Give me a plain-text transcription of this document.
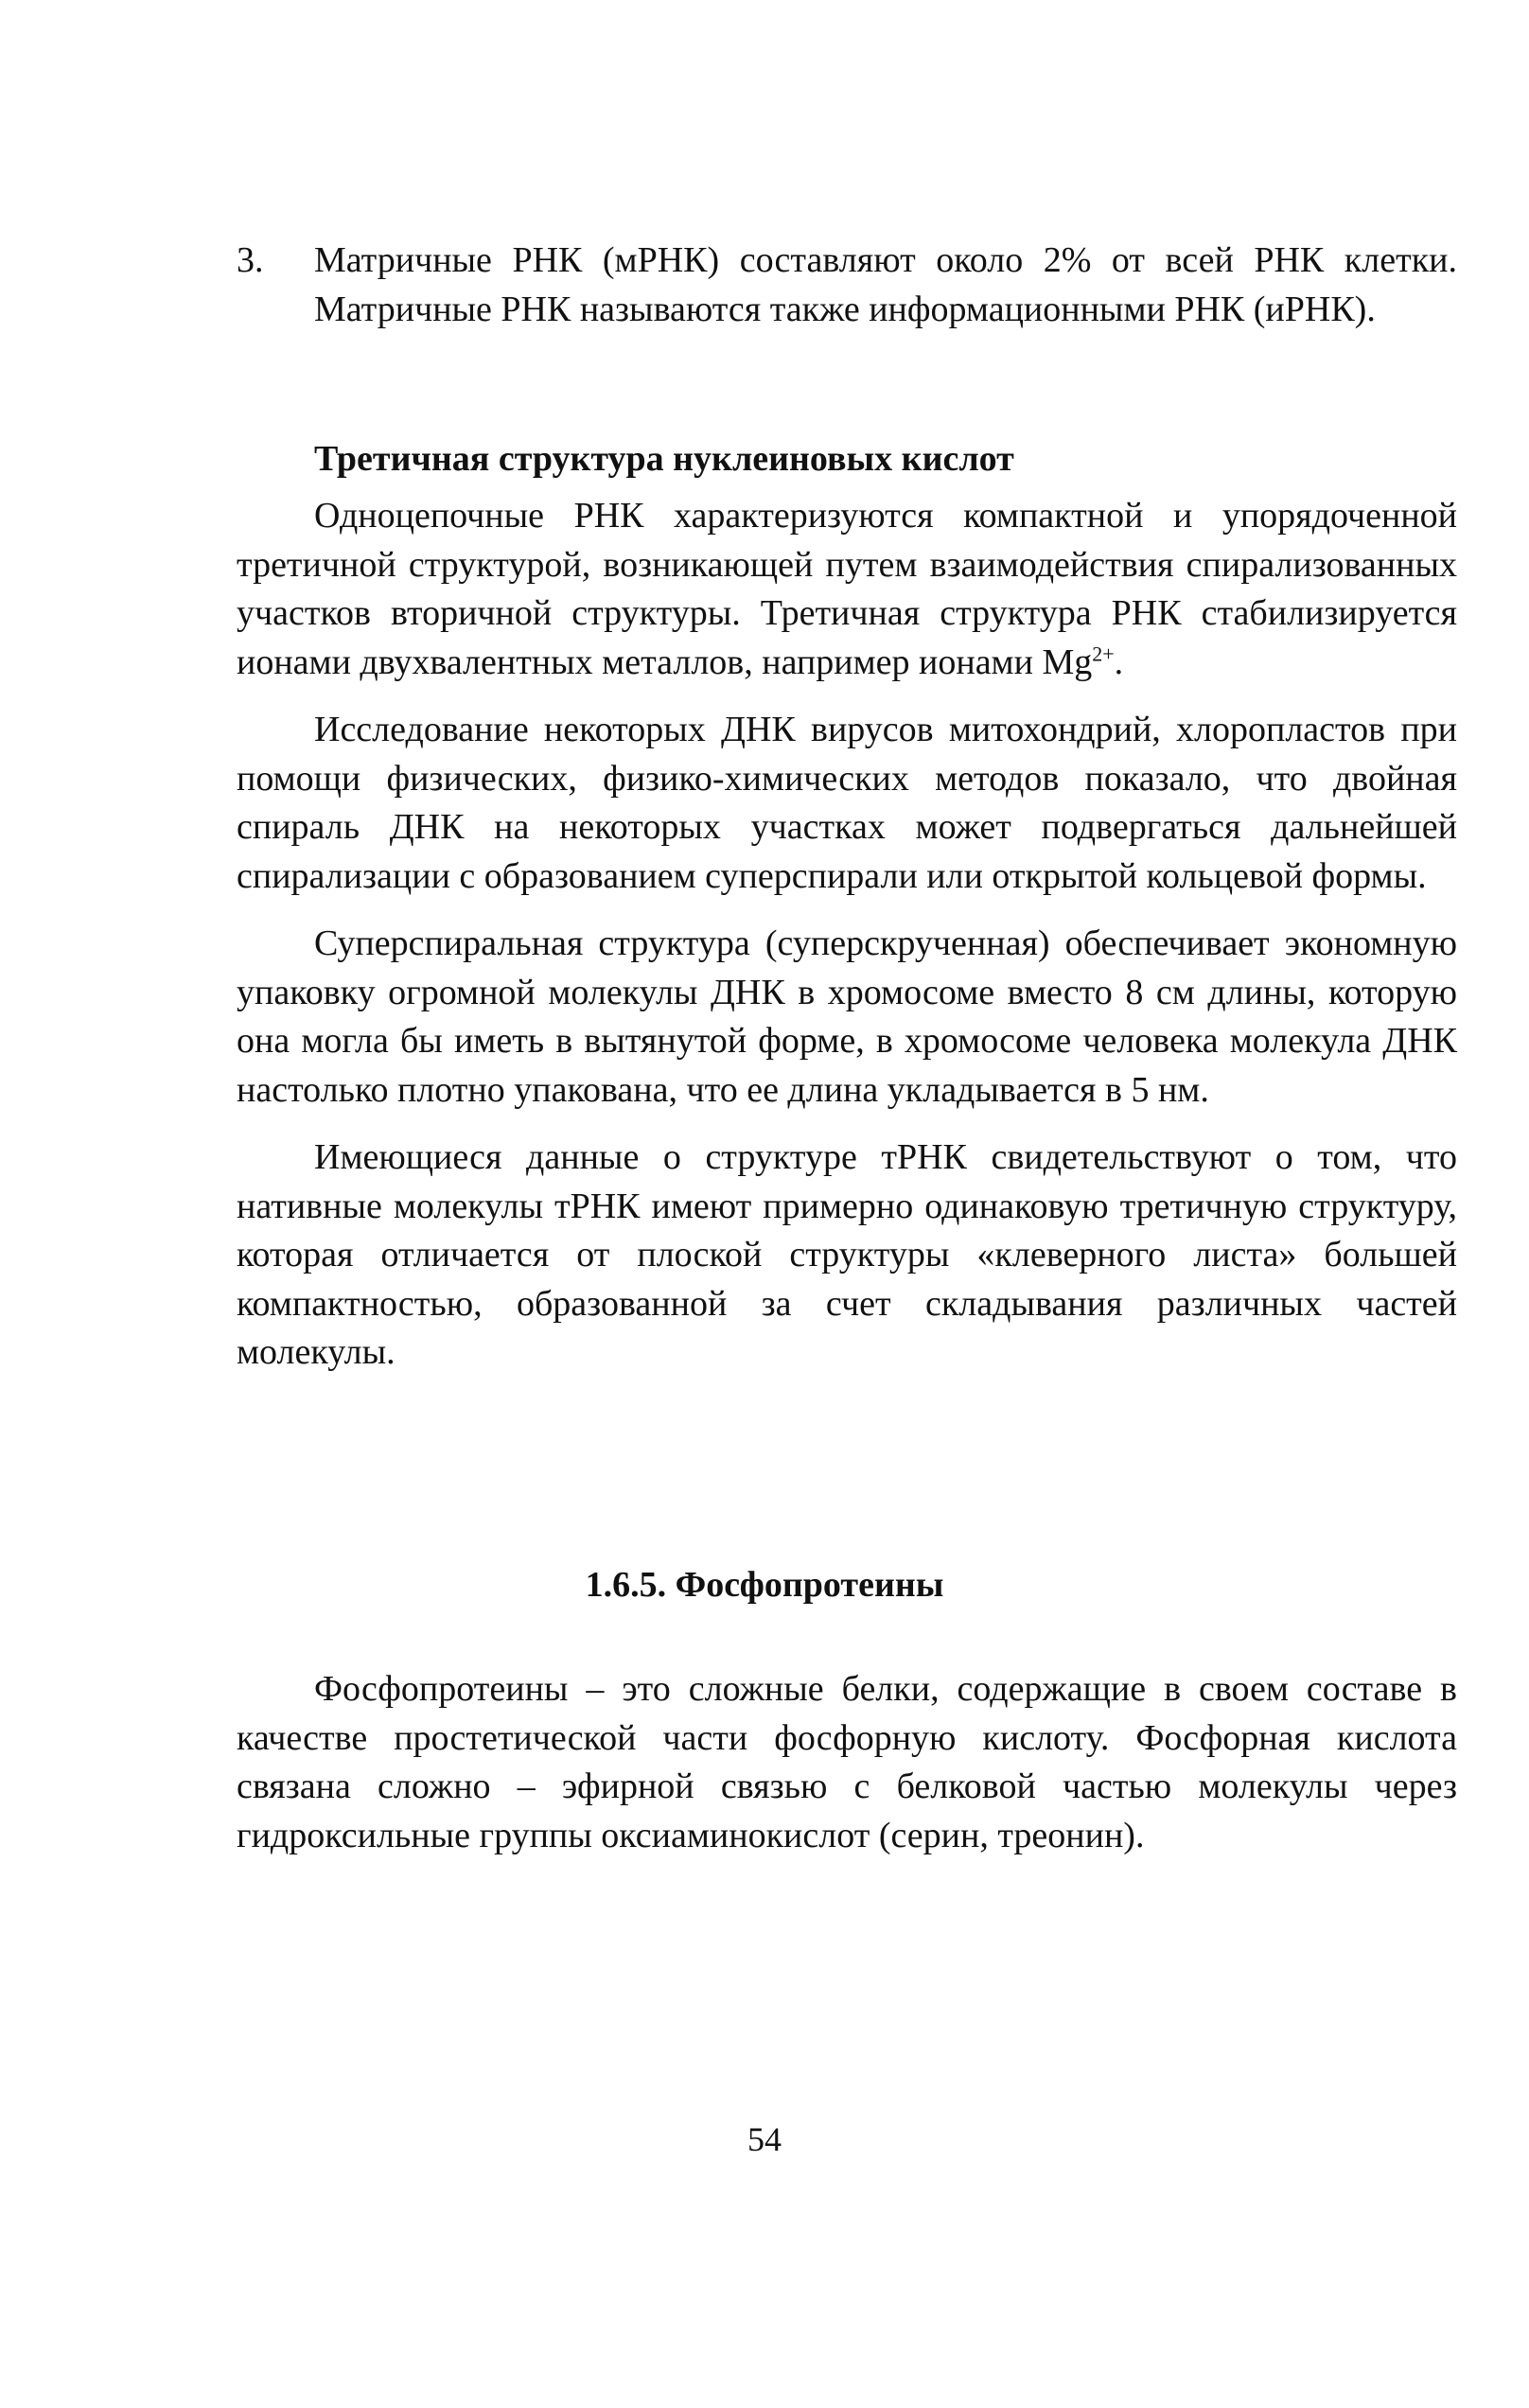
3. Матричные РНК (мРНК) составляют около 2% от всей РНК клетки. Матричные РНК называются также информационными РНК (иРНК).
Третичная структура нуклеиновых кислот

Одноцепочные РНК характеризуются компактной и упорядоченной третичной структурой, возникающей путем взаимодействия спирализованных участков вторичной структуры. Третичная структура РНК стабилизируется ионами двухвалентных металлов, например ионами $Mg^{2+}$.

Исследование некоторых ДНК вирусов митохондрий, хлоропластов при помощи физических, физико-химических методов показало, что двойная спираль ДНК на некоторых участках может подвергаться дальнейшей спирализации с образованием суперспирали или открытой кольцевой формы.

Суперспиральная структура (суперскрученная) обеспечивает экономную упаковку огромной молекулы ДНК в хромосоме вместо 8 см длины, которую она могла бы иметь в вытянутой форме, в хромосоме человека молекула ДНК настолько плотно упакована, что ее длина укладывается в 5 нм.

Имеющиеся данные о структуре тРНК свидетельствуют о том, что нативные молекулы тРНК имеют примерно одинаковую третичную структуру, которая отличается от плоской структуры «клеверного листа» большей компактностью, образованной за счет складывания различных частей молекулы.

1.6.5. Фосфопротеины

Фосфопротеины – это сложные белки, содержащие в своем составе в качестве простетической части фосфорную кислоту. Фосфорная кислота связана сложно – эфирной связью с белковой частью молекулы через гидроксильные группы оксиаминокислот (серин, треонин).

54
